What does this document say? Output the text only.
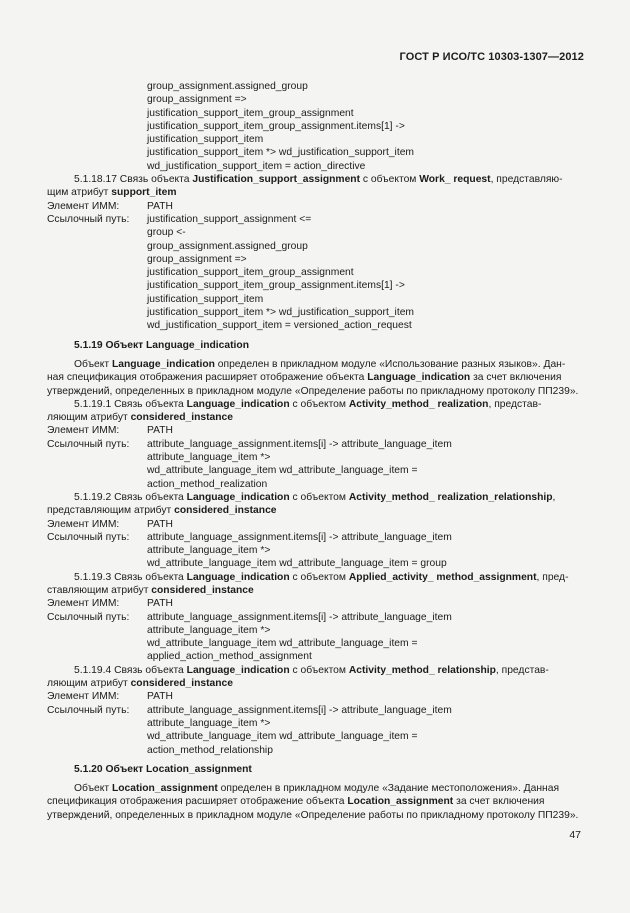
ГОСТ Р ИСО/ТС 10303-1307—2012
group_assignment.assigned_group
group_assignment =>
justification_support_item_group_assignment
justification_support_item_group_assignment.items[1] ->
justification_support_item
justification_support_item *> wd_justification_support_item
wd_justification_support_item = action_directive
5.1.18.17 Связь объекта Justification_support_assignment с объектом Work_ request, представляю-
щим атрибут support_item
Элемент ИММ:	PATH
Ссылочный путь:	justification_support_assignment <=
group <-
group_assignment.assigned_group
group_assignment =>
justification_support_item_group_assignment
justification_support_item_group_assignment.items[1] ->
justification_support_item
justification_support_item *> wd_justification_support_item
wd_justification_support_item = versioned_action_request
5.1.19 Объект Language_indication
Объект Language_indication определен в прикладном модуле «Использование разных языков». Дан-
ная спецификация отображения расширяет отображение объекта Language_indication за счет включения
утверждений, определенных в прикладном модуле «Определение работы по прикладному протоколу ПП239».
5.1.19.1 Связь объекта Language_indication с объектом Activity_method_ realization, представ-
ляющим атрибут considered_instance
Элемент ИММ:	PATH
Ссылочный путь:	attribute_language_assignment.items[i] -> attribute_language_item
attribute_language_item *>
wd_attribute_language_item wd_attribute_language_item =
action_method_realization
5.1.19.2 Связь объекта Language_indication с объектом Activity_method_ realization_relationship,
представляющим атрибут considered_instance
Элемент ИММ:	PATH
Ссылочный путь:	attribute_language_assignment.items[i] -> attribute_language_item
attribute_language_item *>
wd_attribute_language_item wd_attribute_language_item = group
5.1.19.3 Связь объекта Language_indication с объектом Applied_activity_ method_assignment, пред-
ставляющим атрибут considered_instance
Элемент ИММ:	PATH
Ссылочный путь:	attribute_language_assignment.items[i] -> attribute_language_item
attribute_language_item *>
wd_attribute_language_item wd_attribute_language_item =
applied_action_method_assignment
5.1.19.4 Связь объекта Language_indication с объектом Activity_method_ relationship, представ-
ляющим атрибут considered_instance
Элемент ИММ:	PATH
Ссылочный путь:	attribute_language_assignment.items[i] -> attribute_language_item
attribute_language_item *>
wd_attribute_language_item wd_attribute_language_item =
action_method_relationship
5.1.20 Объект Location_assignment
Объект Location_assignment определен в прикладном модуле «Задание местоположения». Данная
спецификация отображения расширяет отображение объекта Location_assignment за счет включения
утверждений, определенных в прикладном модуле «Определение работы по прикладному протоколу ПП239».
47
